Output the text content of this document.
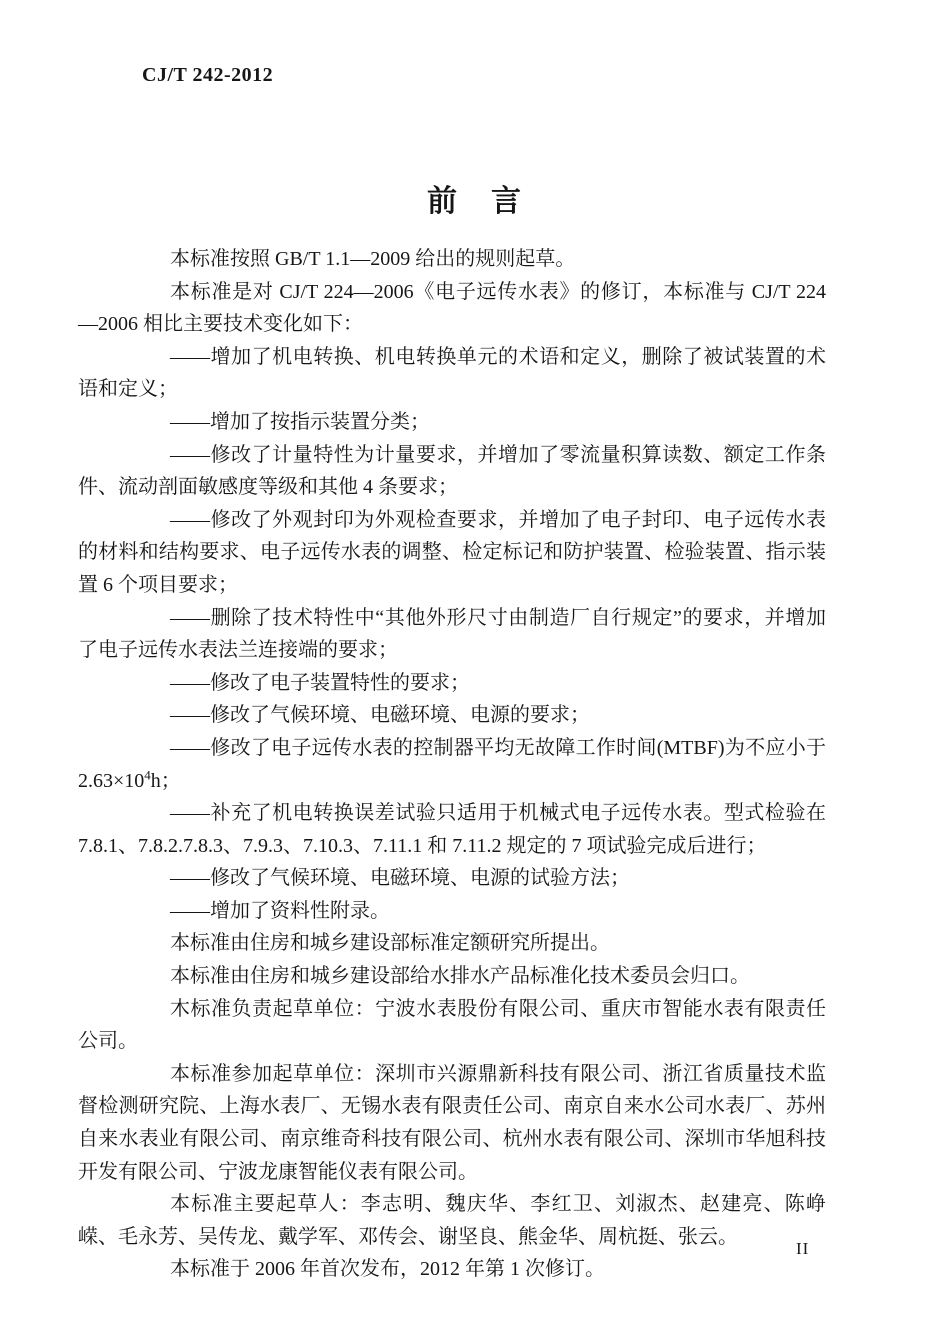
CJ/T 242-2012
前　言

本标准按照 GB/T 1.1—2009 给出的规则起草。

本标准是对 CJ/T 224—2006《电子远传水表》的修订，本标准与 CJ/T 224—2006 相比主要技术变化如下：

——增加了机电转换、机电转换单元的术语和定义，删除了被试装置的术语和定义；

——增加了按指示装置分类；

——修改了计量特性为计量要求，并增加了零流量积算读数、额定工作条件、流动剖面敏感度等级和其他 4 条要求；

——修改了外观封印为外观检查要求，并增加了电子封印、电子远传水表的材料和结构要求、电子远传水表的调整、检定标记和防护装置、检验装置、指示装置 6 个项目要求；

——删除了技术特性中“其他外形尺寸由制造厂自行规定”的要求，并增加了电子远传水表法兰连接端的要求；

——修改了电子装置特性的要求；

——修改了气候环境、电磁环境、电源的要求；

——修改了电子远传水表的控制器平均无故障工作时间(MTBF)为不应小于 $2.63\times 10^4h$；

——补充了机电转换误差试验只适用于机械式电子远传水表。型式检验在 7.8.1、7.8.2.7.8.3、7.9.3、7.10.3、7.11.1 和 7.11.2 规定的 7 项试验完成后进行；

——修改了气候环境、电磁环境、电源的试验方法；

——增加了资料性附录。

本标准由住房和城乡建设部标准定额研究所提出。

本标准由住房和城乡建设部给水排水产品标准化技术委员会归口。

木标准负责起草单位：宁波水表股份有限公司、重庆市智能水表有限责任公司。

本标准参加起草单位：深圳市兴源鼎新科技有限公司、浙江省质量技术监督检测研究院、上海水表厂、无锡水表有限责任公司、南京自来水公司水表厂、苏州自来水表业有限公司、南京维奇科技有限公司、杭州水表有限公司、深圳市华旭科技开发有限公司、宁波龙康智能仪表有限公司。

本标准主要起草人：李志明、魏庆华、李红卫、刘淑杰、赵建亮、陈峥嵘、毛永芳、吴传龙、戴学军、邓传会、谢坚良、熊金华、周杭挺、张云。

本标准于 2006 年首次发布，2012 年第 1 次修订。

II
